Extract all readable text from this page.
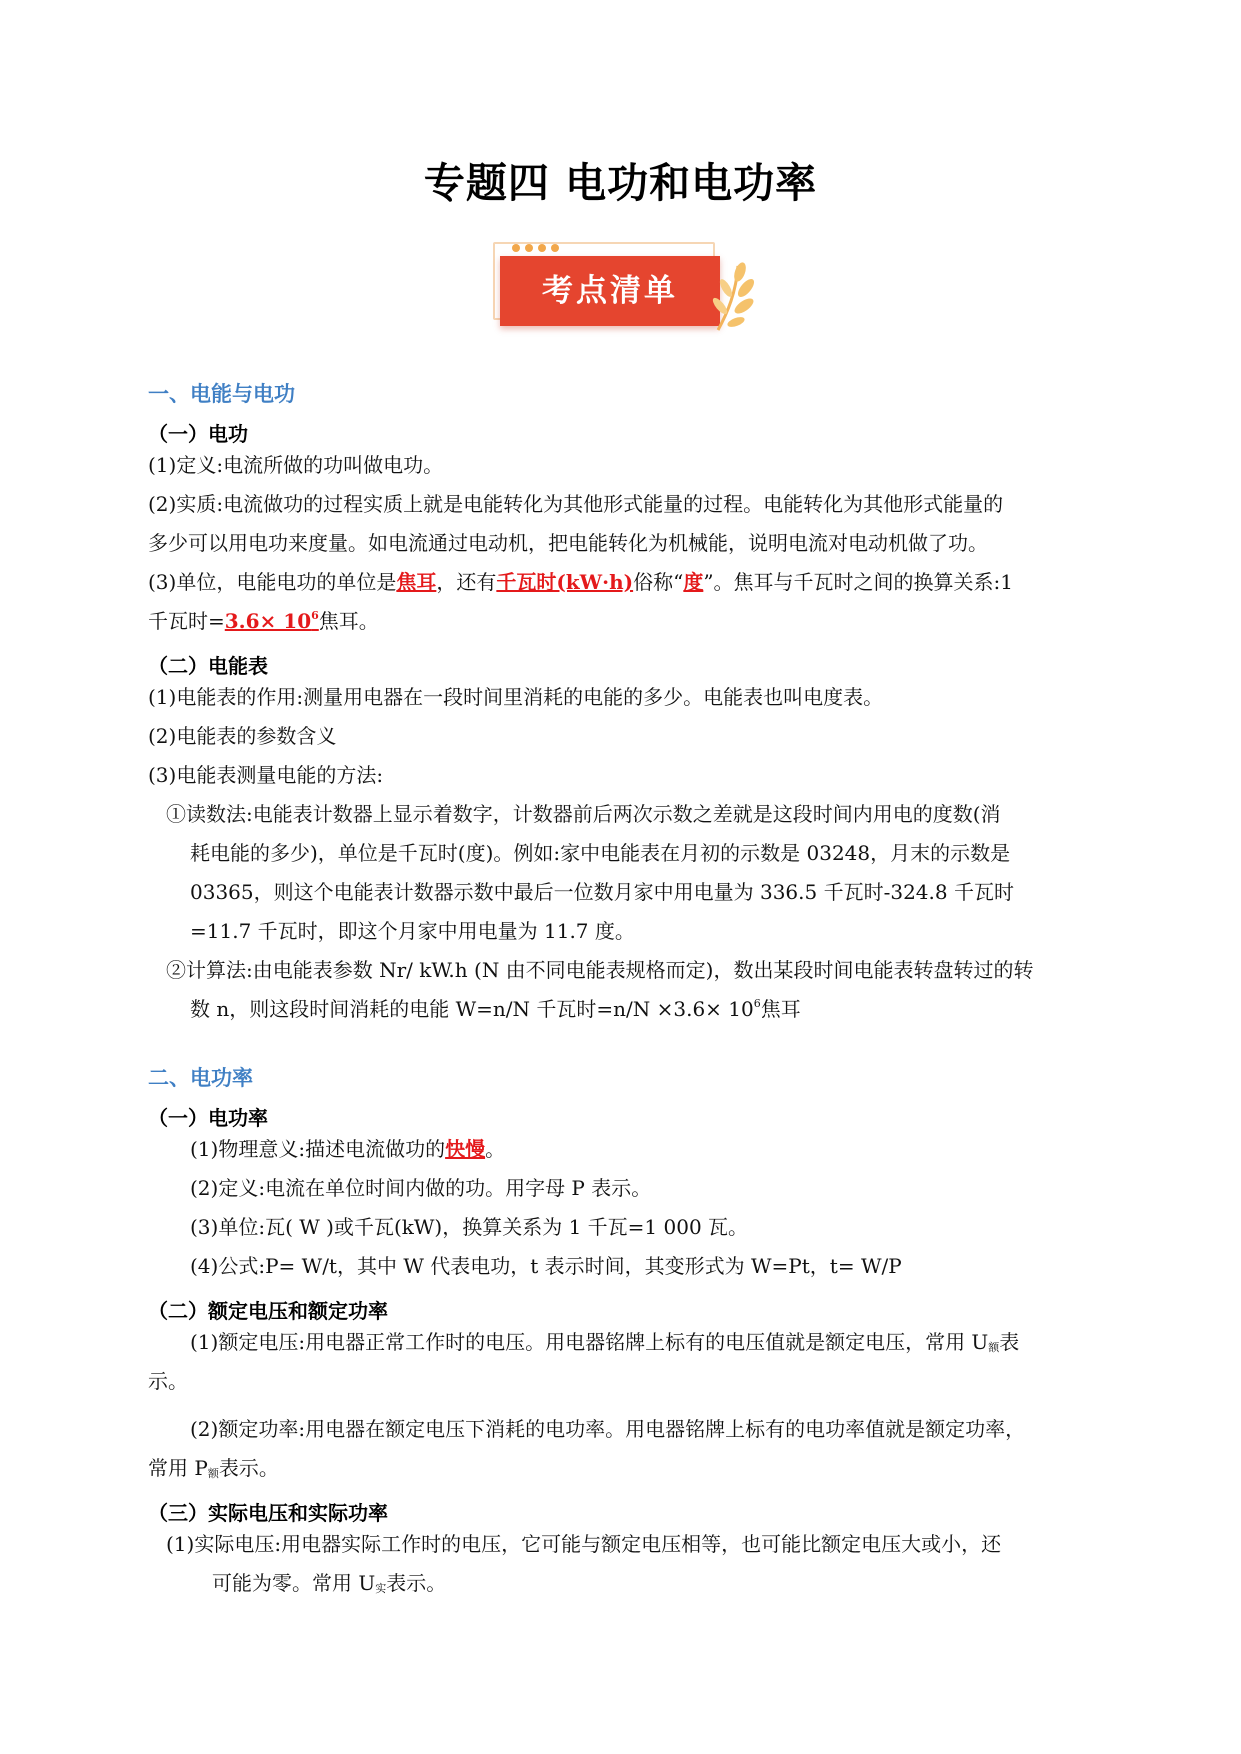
专题四 电功和电功率
考点清单
一、电能与电功
（一）电功
(1)定义:电流所做的功叫做电功。
(2)实质:电流做功的过程实质上就是电能转化为其他形式能量的过程。电能转化为其他形式能量的
多少可以用电功来度量。如电流通过电动机，把电能转化为机械能，说明电流对电动机做了功。
(3)单位，电能电功的单位是焦耳，还有千瓦时(kW·h)俗称“度”。焦耳与千瓦时之间的换算关系:1
千瓦时$=3.6\times 10^6$焦耳。
（二）电能表
(1)电能表的作用:测量用电器在一段时间里消耗的电能的多少。电能表也叫电度表。
(2)电能表的参数含义
(3)电能表测量电能的方法:
①读数法:电能表计数器上显示着数字，计数器前后两次示数之差就是这段时间内用电的度数(消
耗电能的多少)，单位是千瓦时(度)。例如:家中电能表在月初的示数是 03248，月末的示数是
03365，则这个电能表计数器示数中最后一位数月家中用电量为 336.5 千瓦时-324.8 千瓦时
=11.7 千瓦时，即这个月家中用电量为 11.7 度。
②计算法:由电能表参数 Nr/ kW.h (N 由不同电能表规格而定)，数出某段时间电能表转盘转过的转
数 n，则这段时间消耗的电能 W=n/N 千瓦时$=n/N \times 3.6\times 10^6$焦耳
二、电功率
（一）电功率
(1)物理意义:描述电流做功的快慢。
(2)定义:电流在单位时间内做的功。用字母 P 表示。
(3)单位:瓦( W )或千瓦(kW)，换算关系为 1 千瓦=1 000 瓦。
(4)公式:P= W/t，其中 W 代表电功，t 表示时间，其变形式为 W=Pt，t= W/P
（二）额定电压和额定功率
(1)额定电压:用电器正常工作时的电压。用电器铭牌上标有的电压值就是额定电压，常用 U额表
示。
(2)额定功率:用电器在额定电压下消耗的电功率。用电器铭牌上标有的电功率值就是额定功率，
常用 P额表示。
（三）实际电压和实际功率
(1)实际电压:用电器实际工作时的电压，它可能与额定电压相等，也可能比额定电压大或小，还
可能为零。常用 U实表示。
